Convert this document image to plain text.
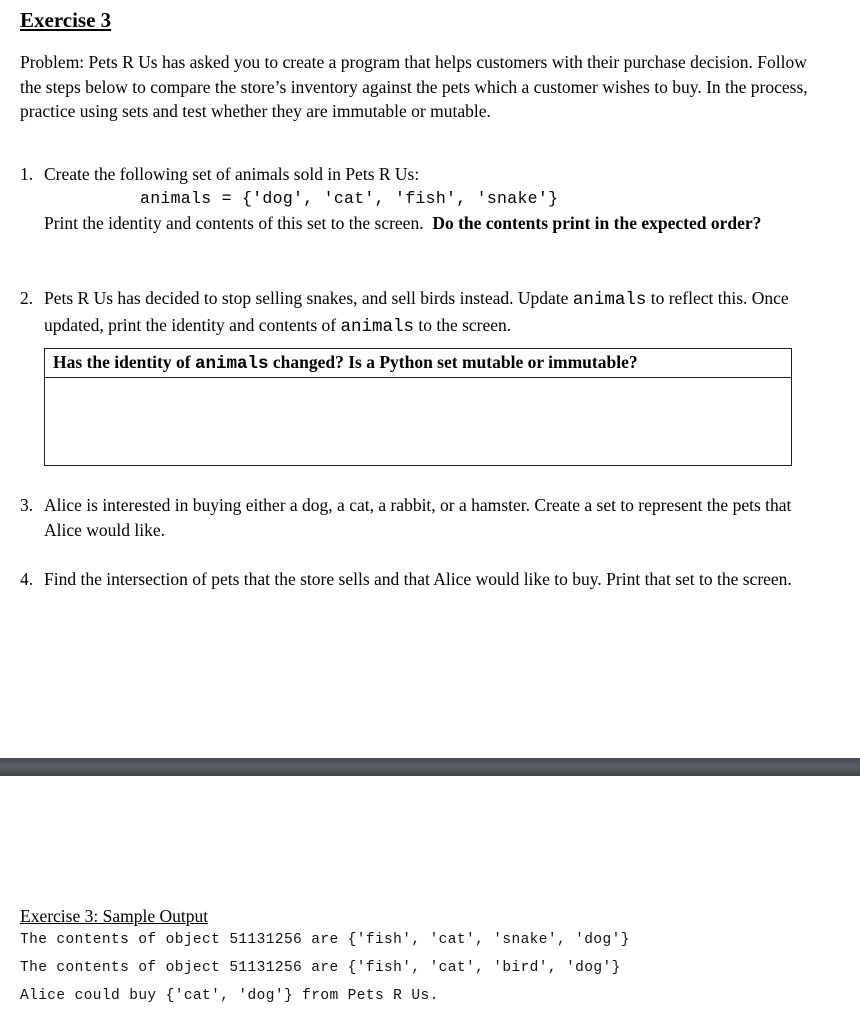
Exercise 3
Problem: Pets R Us has asked you to create a program that helps customers with their purchase decision. Follow the steps below to compare the store’s inventory against the pets which a customer wishes to buy. In the process, practice using sets and test whether they are immutable or mutable.
1. Create the following set of animals sold in Pets R Us:
animals = {'dog', 'cat', 'fish', 'snake'}
Print the identity and contents of this set to the screen. Do the contents print in the expected order?
2. Pets R Us has decided to stop selling snakes, and sell birds instead. Update animals to reflect this. Once updated, print the identity and contents of animals to the screen.
Has the identity of animals changed? Is a Python set mutable or immutable?
3. Alice is interested in buying either a dog, a cat, a rabbit, or a hamster. Create a set to represent the pets that Alice would like.
4. Find the intersection of pets that the store sells and that Alice would like to buy. Print that set to the screen.
Exercise 3: Sample Output
The contents of object 51131256 are {'fish', 'cat', 'snake', 'dog'}
The contents of object 51131256 are {'fish', 'cat', 'bird', 'dog'}
Alice could buy {'cat', 'dog'} from Pets R Us.
